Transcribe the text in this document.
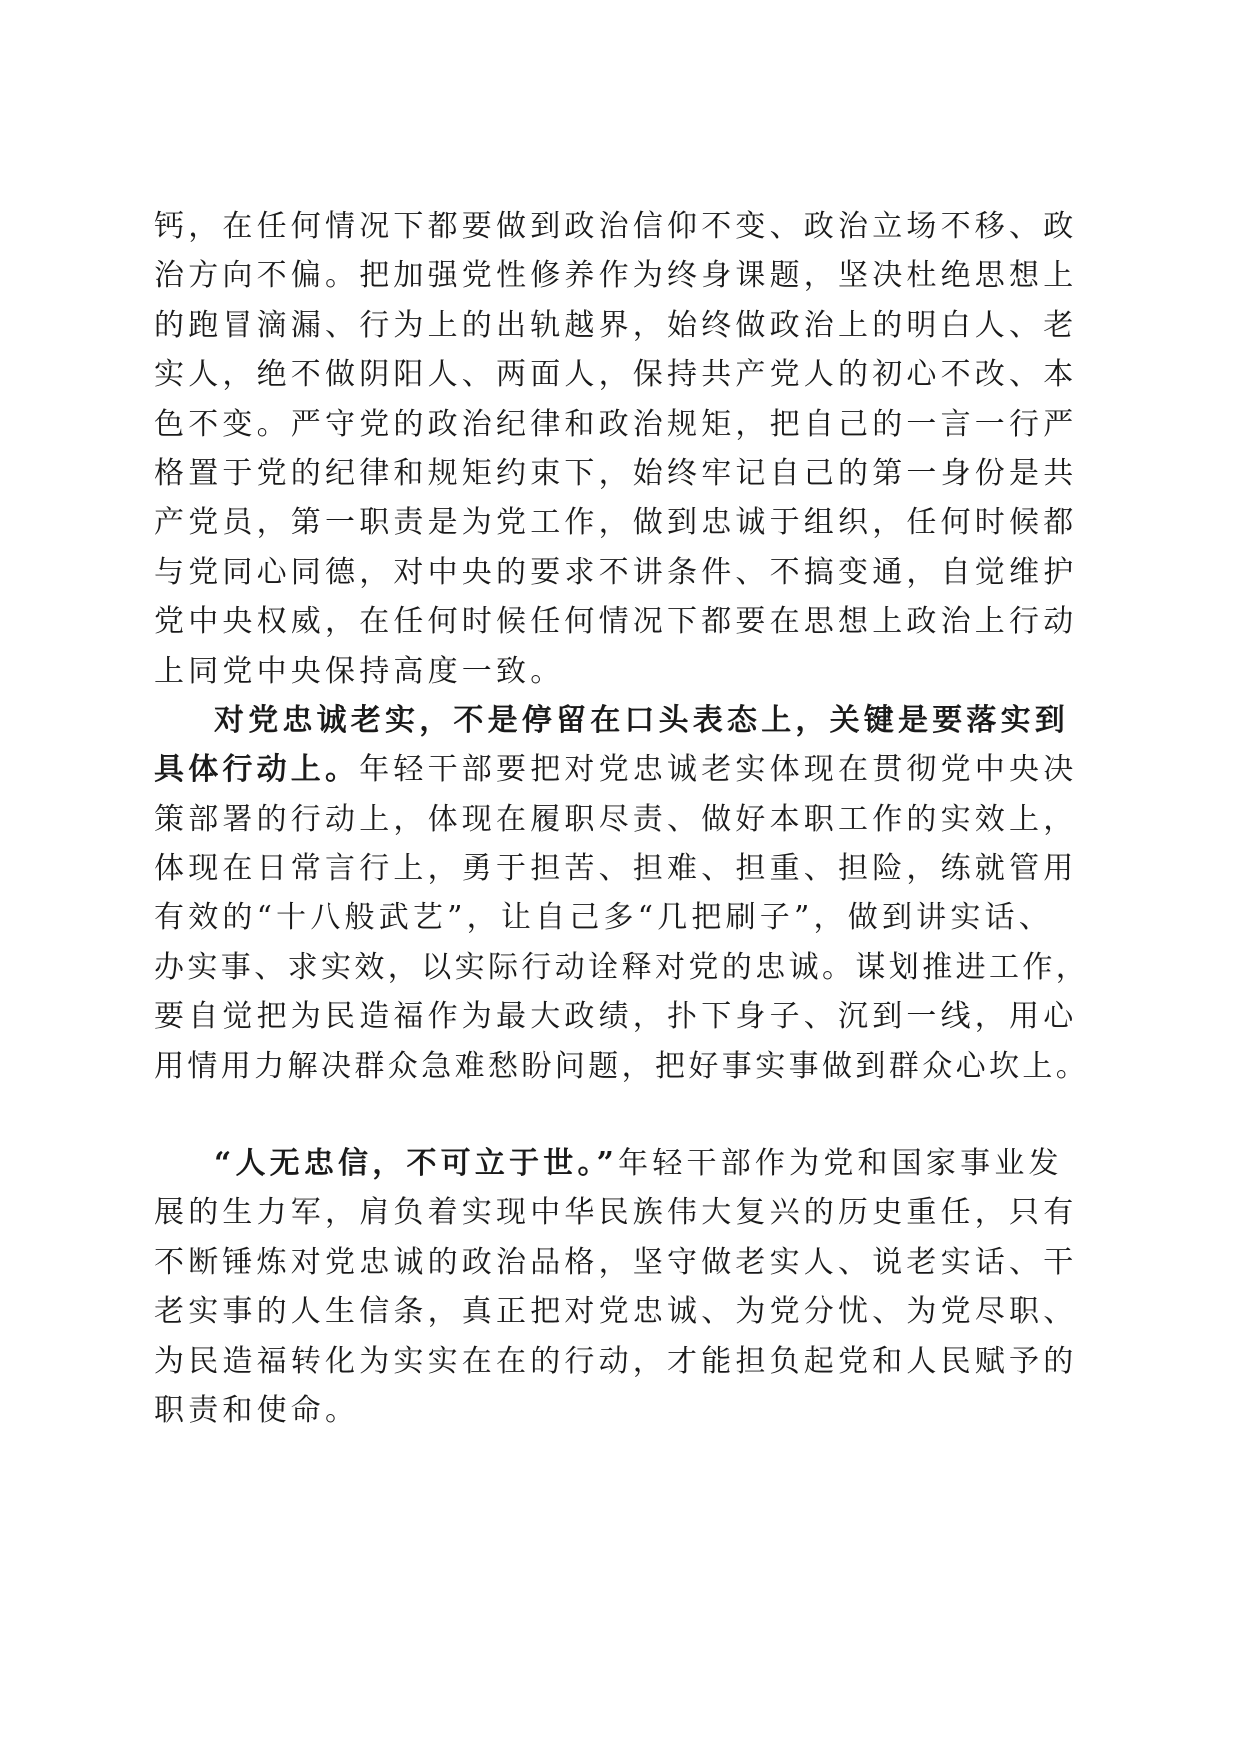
钙，在任何情况下都要做到政治信仰不变、政治立场不移、政
治方向不偏。把加强党性修养作为终身课题，坚决杜绝思想上
的跑冒滴漏、行为上的出轨越界，始终做政治上的明白人、老
实人，绝不做阴阳人、两面人，保持共产党人的初心不改、本
色不变。严守党的政治纪律和政治规矩，把自己的一言一行严
格置于党的纪律和规矩约束下，始终牢记自己的第一身份是共
产党员，第一职责是为党工作，做到忠诚于组织，任何时候都
与党同心同德，对中央的要求不讲条件、不搞变通，自觉维护
党中央权威，在任何时候任何情况下都要在思想上政治上行动
上同党中央保持高度一致。
对党忠诚老实，不是停留在口头表态上，关键是要落实到
具体行动上。年轻干部要把对党忠诚老实体现在贯彻党中央决
策部署的行动上，体现在履职尽责、做好本职工作的实效上，
体现在日常言行上，勇于担苦、担难、担重、担险，练就管用
有效的“十八般武艺”，让自己多“几把刷子”，做到讲实话、
办实事、求实效，以实际行动诠释对党的忠诚。谋划推进工作，
要自觉把为民造福作为最大政绩，扑下身子、沉到一线，用心
用情用力解决群众急难愁盼问题，把好事实事做到群众心坎上。
“人无忠信，不可立于世。”年轻干部作为党和国家事业发
展的生力军，肩负着实现中华民族伟大复兴的历史重任，只有
不断锤炼对党忠诚的政治品格，坚守做老实人、说老实话、干
老实事的人生信条，真正把对党忠诚、为党分忧、为党尽职、
为民造福转化为实实在在的行动，才能担负起党和人民赋予的
职责和使命。
